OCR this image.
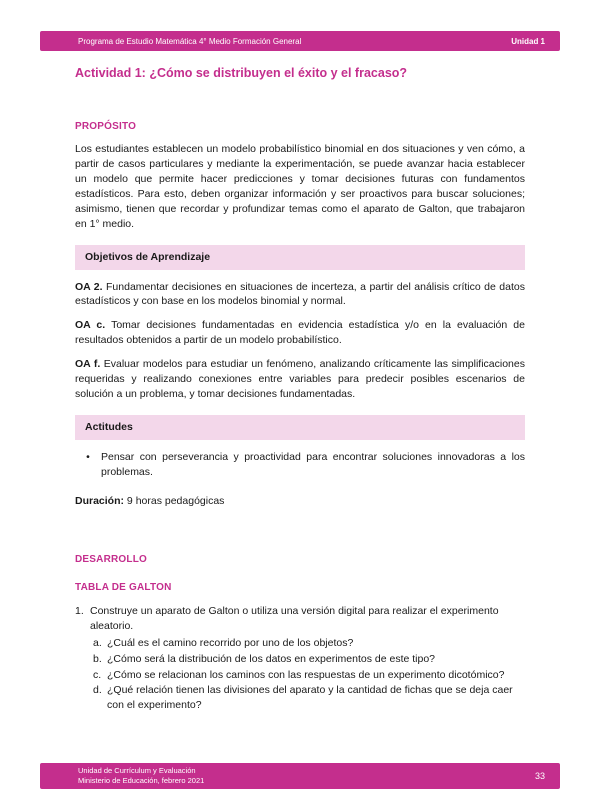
Programa de Estudio Matemática 4° Medio Formación General	Unidad 1
Actividad 1: ¿Cómo se distribuyen el éxito y el fracaso?
PROPÓSITO

Los estudiantes establecen un modelo probabilístico binomial en dos situaciones y ven cómo, a partir de casos particulares y mediante la experimentación, se puede avanzar hacia establecer un modelo que permite hacer predicciones y tomar decisiones futuras con fundamentos estadísticos. Para esto, deben organizar información y ser proactivos para buscar soluciones; asimismo, tienen que recordar y profundizar temas como el aparato de Galton, que trabajaron en 1° medio.

Objetivos de Aprendizaje

OA 2. Fundamentar decisiones en situaciones de incerteza, a partir del análisis crítico de datos estadísticos y con base en los modelos binomial y normal.

OA c. Tomar decisiones fundamentadas en evidencia estadística y/o en la evaluación de resultados obtenidos a partir de un modelo probabilístico.

OA f. Evaluar modelos para estudiar un fenómeno, analizando críticamente las simplificaciones requeridas y realizando conexiones entre variables para predecir posibles escenarios de solución a un problema, y tomar decisiones fundamentadas.

Actitudes
•	Pensar con perseverancia y proactividad para encontrar soluciones innovadoras a los problemas.

Duración: 9 horas pedagógicas

DESARROLLO
TABLA DE GALTON
1. Construye un aparato de Galton o utiliza una versión digital para realizar el experimento aleatorio.
a. ¿Cuál es el camino recorrido por uno de los objetos?
b. ¿Cómo será la distribución de los datos en experimentos de este tipo?
c. ¿Cómo se relacionan los caminos con las respuestas de un experimento dicotómico?
d. ¿Qué relación tienen las divisiones del aparato y la cantidad de fichas que se deja caer con el experimento?
Unidad de Currículum y Evaluación
Ministerio de Educación, febrero 2021	33
